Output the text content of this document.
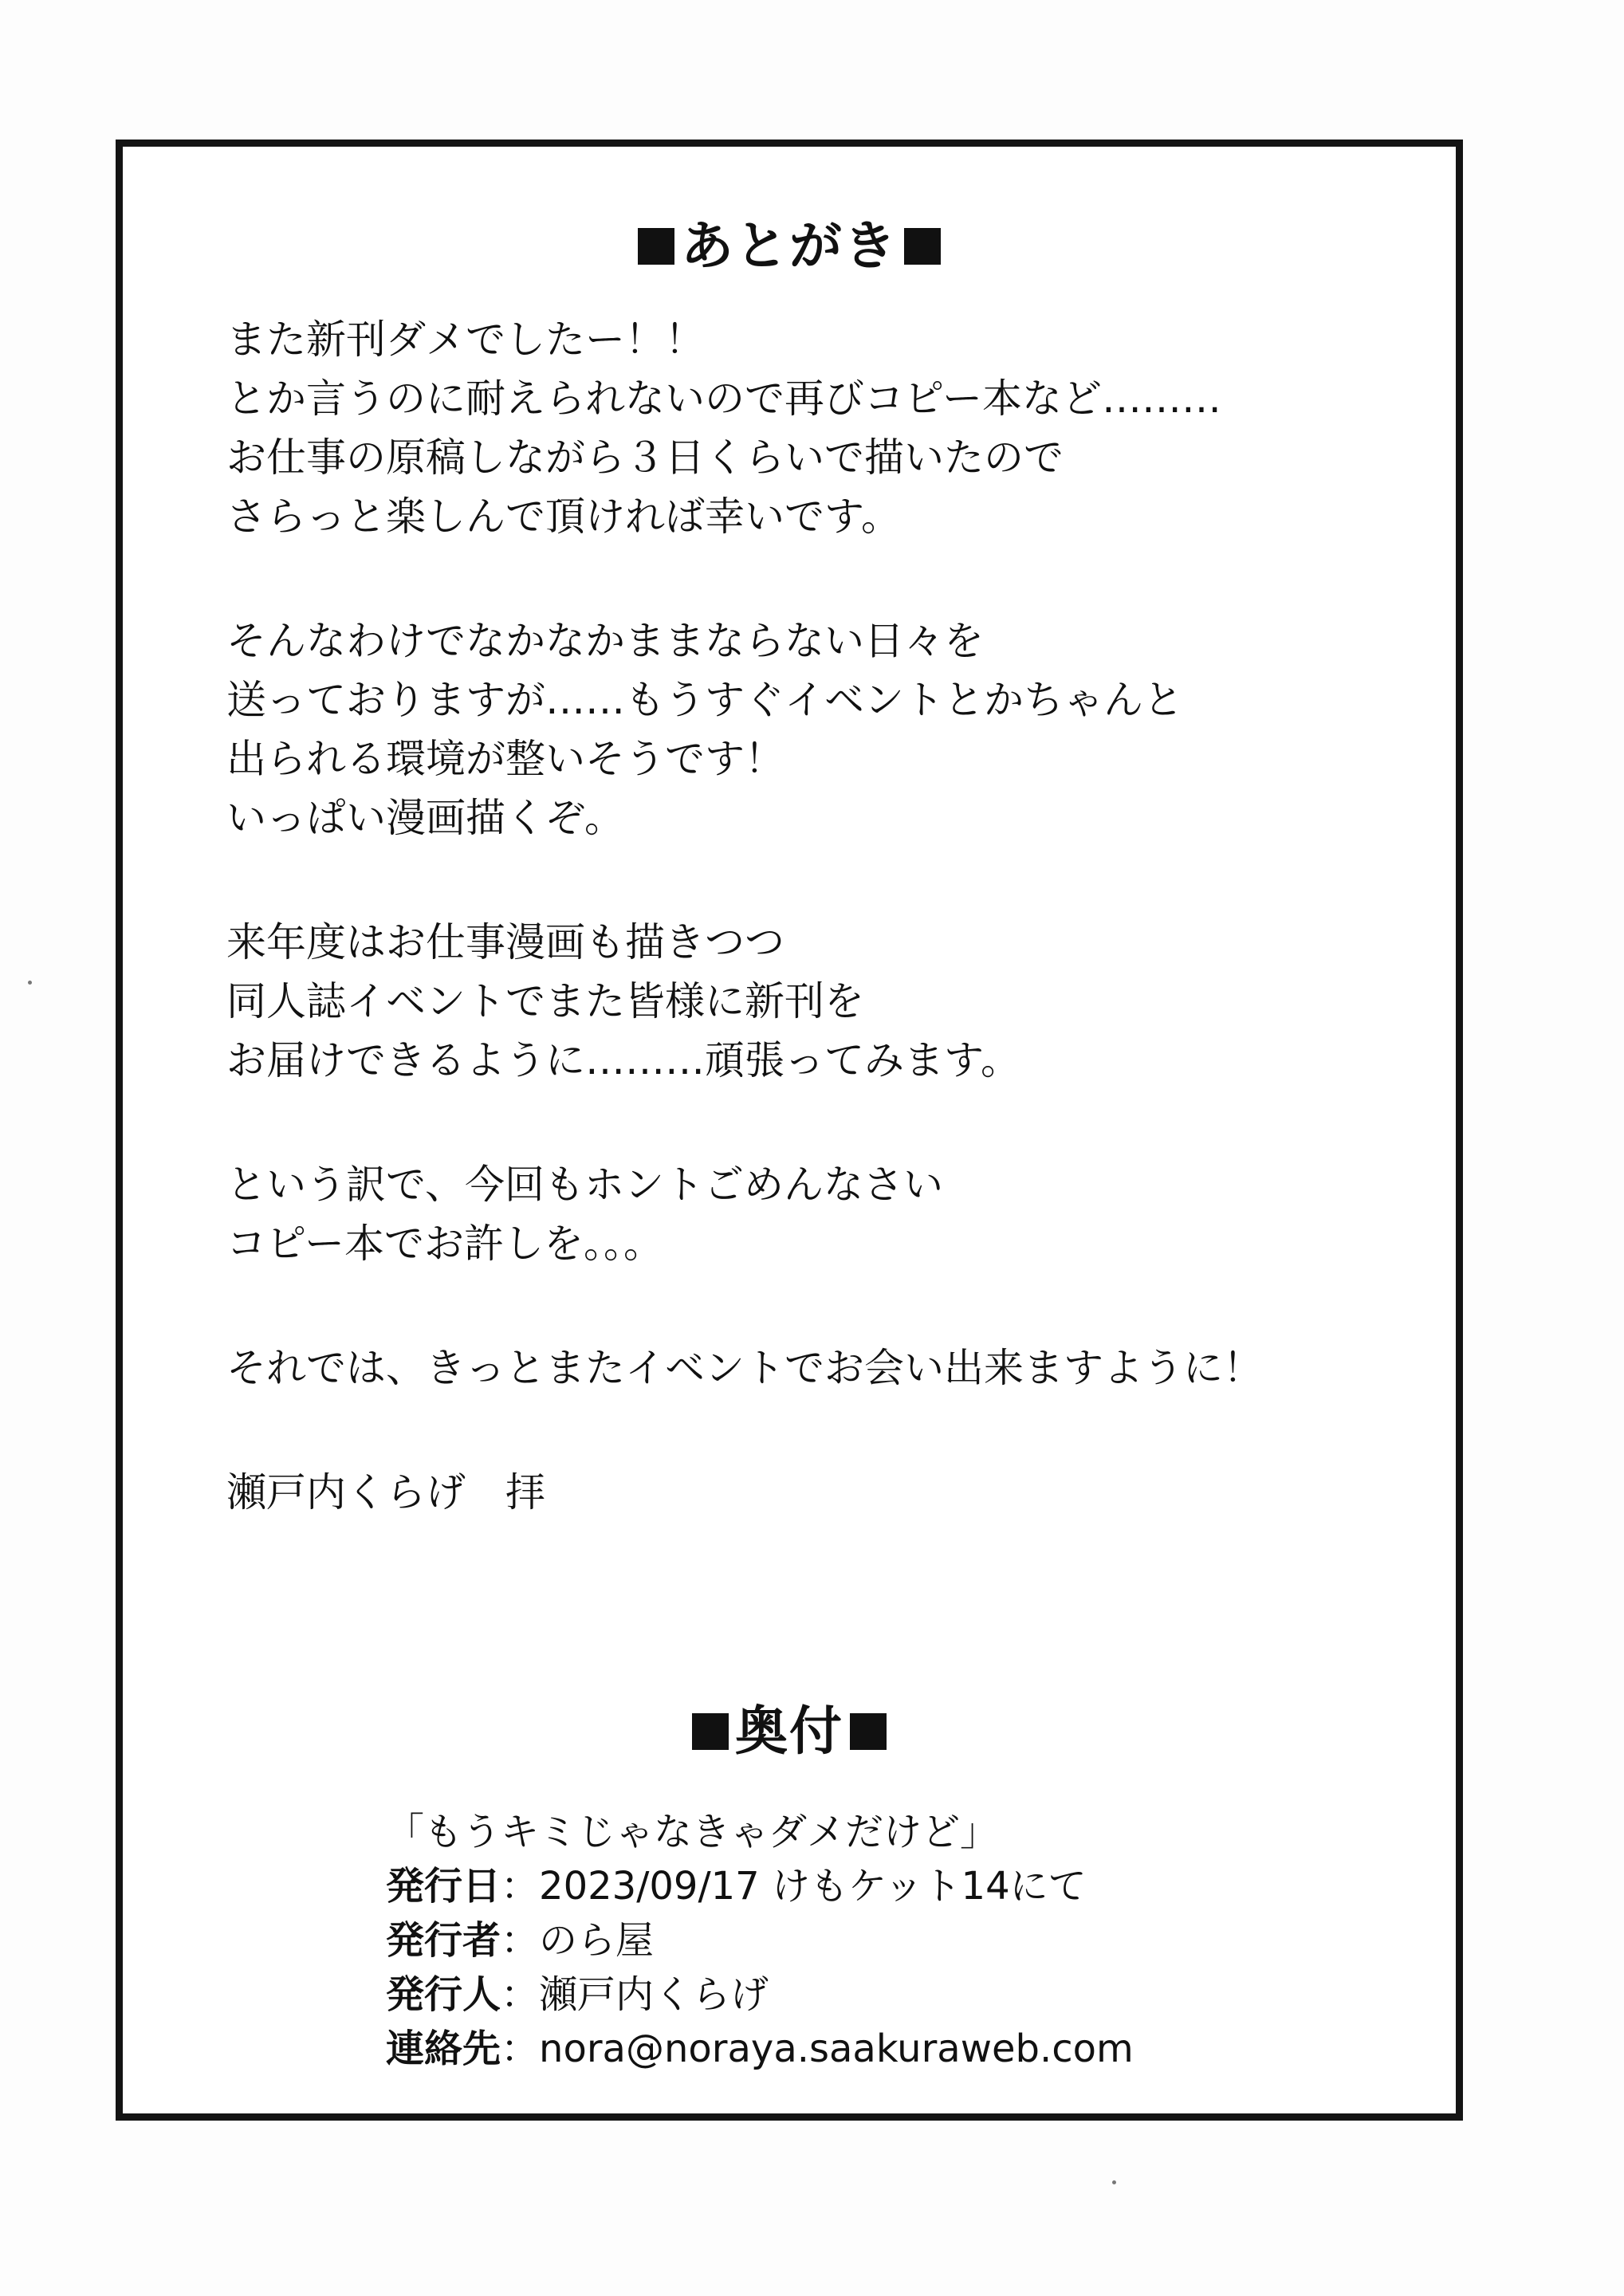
あとがき
また新刊ダメでしたー！！
とか言うのに耐えられないので再びコピー本など………
お仕事の原稿しながら３日くらいで描いたので
さらっと楽しんで頂ければ幸いです。
そんなわけでなかなかままならない日々を
送っておりますが……もうすぐイベントとかちゃんと
出られる環境が整いそうです！
いっぱい漫画描くぞ。
来年度はお仕事漫画も描きつつ
同人誌イベントでまた皆様に新刊を
お届けできるように………頑張ってみます。
という訳で、今回もホントごめんなさい
コピー本でお許しを。。。
それでは、きっとまたイベントでお会い出来ますように！
瀬戸内くらげ　拝
奥付
「もうキミじゃなきゃダメだけど」
発行日：2023/09/17 けもケット14にて
発行者：のら屋
発行人：瀬戸内くらげ
連絡先：nora@noraya.saakuraweb.com
